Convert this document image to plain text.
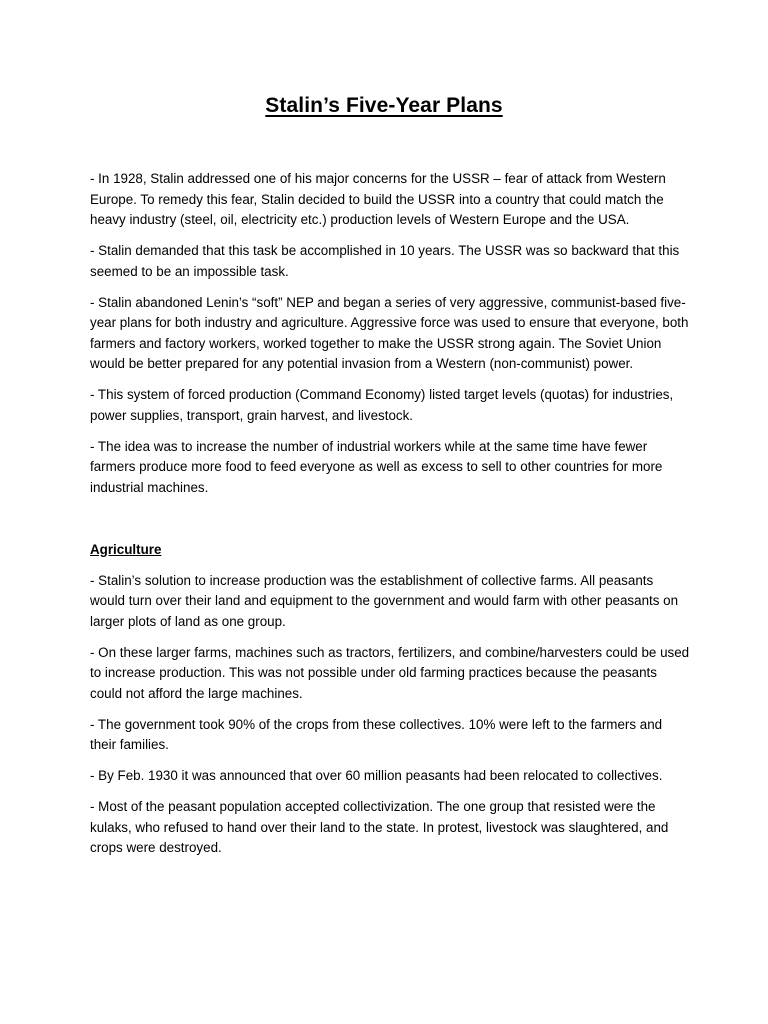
Stalin’s Five-Year Plans

- In 1928, Stalin addressed one of his major concerns for the USSR – fear of attack from Western Europe. To remedy this fear, Stalin decided to build the USSR into a country that could match the heavy industry (steel, oil, electricity etc.) production levels of Western Europe and the USA.

- Stalin demanded that this task be accomplished in 10 years. The USSR was so backward that this seemed to be an impossible task.

- Stalin abandoned Lenin’s “soft” NEP and began a series of very aggressive, communist-based five-year plans for both industry and agriculture. Aggressive force was used to ensure that everyone, both farmers and factory workers, worked together to make the USSR strong again. The Soviet Union would be better prepared for any potential invasion from a Western (non-communist) power.

- This system of forced production (Command Economy) listed target levels (quotas) for industries, power supplies, transport, grain harvest, and livestock.

- The idea was to increase the number of industrial workers while at the same time have fewer farmers produce more food to feed everyone as well as excess to sell to other countries for more industrial machines.

Agriculture

- Stalin’s solution to increase production was the establishment of collective farms. All peasants would turn over their land and equipment to the government and would farm with other peasants on larger plots of land as one group.

- On these larger farms, machines such as tractors, fertilizers, and combine/harvesters could be used to increase production. This was not possible under old farming practices because the peasants could not afford the large machines.

- The government took 90% of the crops from these collectives. 10% were left to the farmers and their families.

- By Feb. 1930 it was announced that over 60 million peasants had been relocated to collectives.

- Most of the peasant population accepted collectivization. The one group that resisted were the kulaks, who refused to hand over their land to the state. In protest, livestock was slaughtered, and crops were destroyed.
